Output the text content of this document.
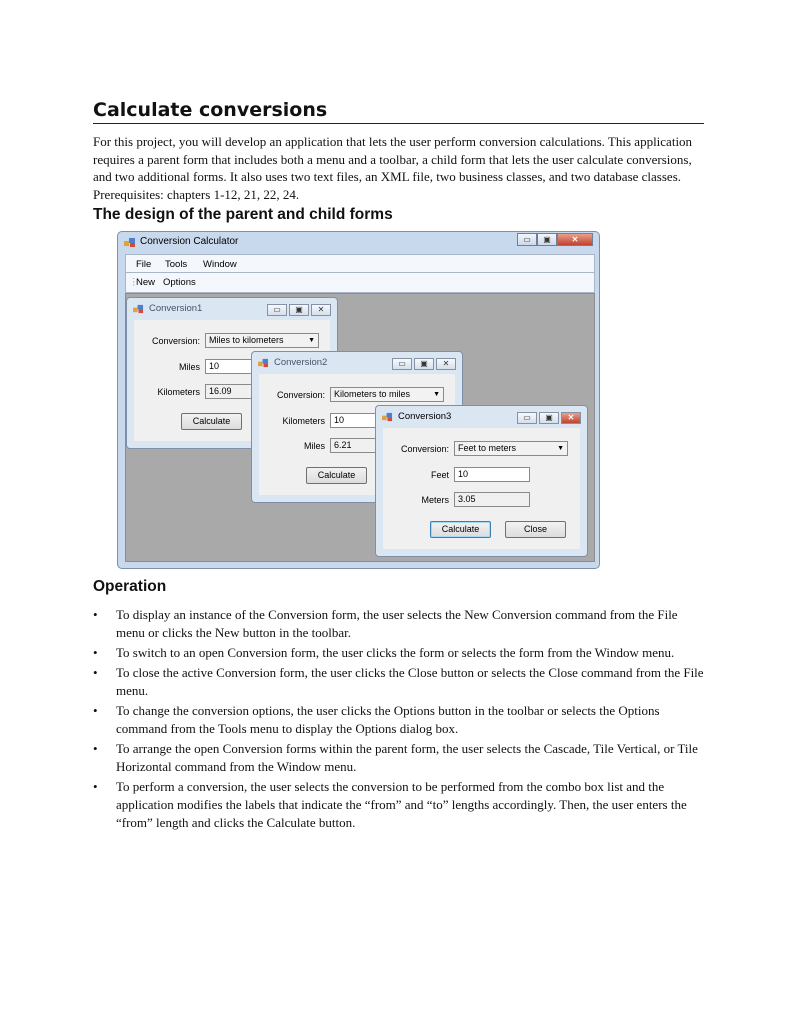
Calculate conversions
For this project, you will develop an application that lets the user perform conversion calculations. This application requires a parent form that includes both a menu and a toolbar, a child form that lets the user calculate conversions, and two additional forms. It also uses two text files, an XML file, two business classes, and two database classes. Prerequisites: chapters 1-12, 21, 22, 24.
The design of the parent and child forms
Conversion Calculator	▭	▣	✕
File Tools Window
⋮
New Options
Conversion1	▭	▣	✕
Conversion:	Miles to kilometers	▼
Miles	10
Kilometers	16.09
Calculate
Conversion2	▭	▣	✕
Conversion:	Kilometers to miles	▼
Kilometers	10
Miles	6.21
Calculate
Conversion3	▭	▣	✕
Conversion:	Feet to meters	▼
Feet	10
Meters	3.05
Calculate	Close
Operation
• To display an instance of the Conversion form, the user selects the New Conversion command from the File menu or clicks the New button in the toolbar.
• To switch to an open Conversion form, the user clicks the form or selects the form from the Window menu.
• To close the active Conversion form, the user clicks the Close button or selects the Close command from the File menu.
• To change the conversion options, the user clicks the Options button in the toolbar or selects the Options command from the Tools menu to display the Options dialog box.
• To arrange the open Conversion forms within the parent form, the user selects the Cascade, Tile Vertical, or Tile Horizontal command from the Window menu.
• To perform a conversion, the user selects the conversion to be performed from the combo box list and the application modifies the labels that indicate the “from” and “to” lengths accordingly. Then, the user enters the “from” length and clicks the Calculate button.
